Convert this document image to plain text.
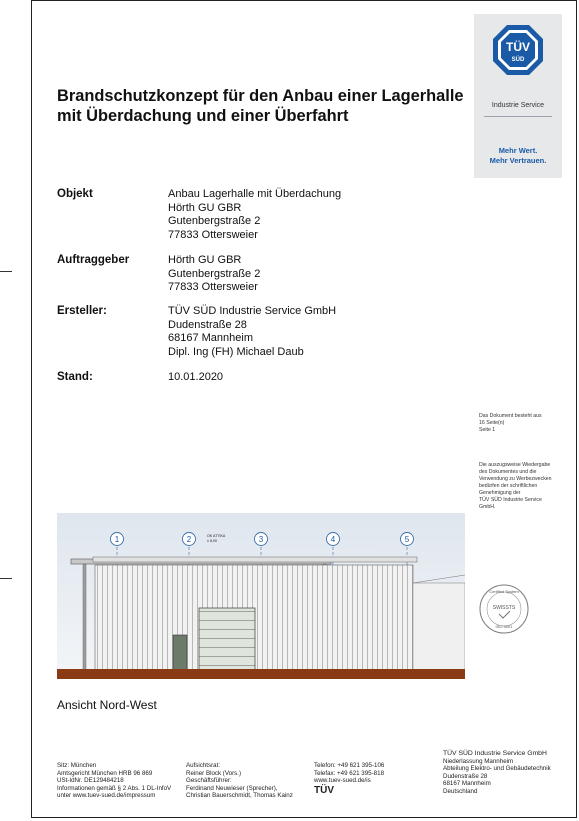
Brandschutzkonzept für den Anbau einer Lagerhalle
mit Überdachung und einer Überfahrt
TÜV
SÜD
Industrie Service
Mehr Wert.
Mehr Vertrauen.
Objekt	Anbau Lagerhalle mit Überdachung
Hörth GU GBR
Gutenbergstraße 2
77833 Ottersweier
Auftraggeber	Hörth GU GBR
Gutenbergstraße 2
77833 Ottersweier
Ersteller:	TÜV SÜD Industrie Service GmbH
Dudenstraße 28
68167 Mannheim
Dipl. Ing (FH) Michael Daub
Stand:	10.01.2020
Das Dokument besteht aus
16 Seite(n)
Seite 1
Die auszugsweise Wiedergabe
des Dokumentes und die
Verwendung zu Werbezwecken
bedürfen der schriftlichen
Genehmigung der
TÜV SÜD Industrie Service
GmbH.
1	2	3	4	5
OK ATTIKA
± 8,00
Ansicht Nord-West
Certified System
SWISSTS
ISO 9001
Sitz: München
Amtsgericht München HRB 96 869
USt-IdNr. DE129484218
Informationen gemäß § 2 Abs. 1 DL-InfoV
unter www.tuev-sued.de/impressum
Aufsichtsrat:
Reiner Block (Vors.)
Geschäftsführer:
Ferdinand Neuwieser (Sprecher),
Christian Bauerschmidt, Thomas Kainz
Telefon: +49 621 395-106
Telefax: +49 621 395-818
www.tuev-sued.de/is
TÜV
TÜV SÜD Industrie Service GmbH
Niederlassung Mannheim
Abteilung Elektro- und Gebäudetechnik
Dudenstraße 28
68167 Mannheim
Deutschland
